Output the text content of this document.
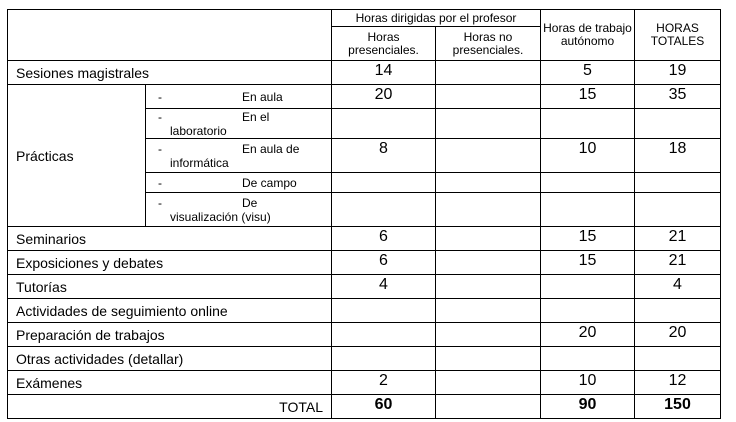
		Horas dirigidas por el profesor		Horas de trabajo autónomo	HORAS TOTALES
		Horas presenciales.	Horas no presenciales.		
Sesiones magistrales		14		5	19
Prácticas	- En aula	20		15	35

	- En el
laboratorio				

	- En aula de
informática	8		10	18

	- De campo				

	- De
visualización (visu)				

Seminarios		6		15	21
Exposiciones y debates		6		15	21
Tutorías		4			4
Actividades de seguimiento online					
Preparación de trabajos				20	20
Otras actividades (detallar)					
Exámenes		2		10	12
TOTAL		60		90	150
